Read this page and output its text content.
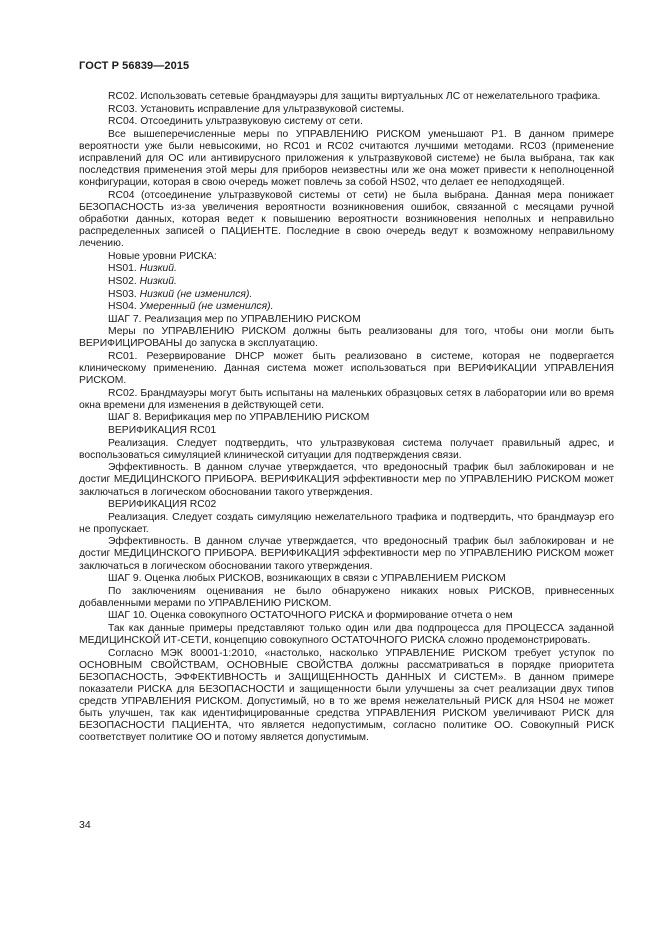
ГОСТ Р 56839—2015

RC02. Использовать сетевые брандмауэры для защиты виртуальных ЛС от нежелательного трафика.

RC03. Установить исправление для ультразвуковой системы.

RC04. Отсоединить ультразвуковую систему от сети.

Все вышеперечисленные меры по УПРАВЛЕНИЮ РИСКОМ уменьшают Р1. В данном примере вероятности уже были невысокими, но RC01 и RC02 считаются лучшими методами. RC03 (применение исправлений для ОС или антивирусного приложения к ультразвуковой системе) не была выбрана, так как последствия применения этой меры для приборов неизвестны или же она может привести к неполноценной конфигурации, которая в свою очередь может повлечь за собой HS02, что делает ее неподходящей.

RC04 (отсоединение ультразвуковой системы от сети) не была выбрана. Данная мера понижает БЕЗОПАСНОСТЬ из-за увеличения вероятности возникновения ошибок, связанной с месяцами ручной обработки данных, которая ведет к повышению вероятности возникновения неполных и неправильно распределенных записей о ПАЦИЕНТЕ. Последние в свою очередь ведут к возможному неправильному лечению.

Новые уровни РИСКА:

HS01. Низкий.

HS02. Низкий.

HS03. Низкий (не изменился).

HS04. Умеренный (не изменился).

ШАГ 7. Реализация мер по УПРАВЛЕНИЮ РИСКОМ

Меры по УПРАВЛЕНИЮ РИСКОМ должны быть реализованы для того, чтобы они могли быть ВЕРИФИЦИРОВАНЫ до запуска в эксплуатацию.

RC01. Резервирование DHCP может быть реализовано в системе, которая не подвергается клиническому применению. Данная система может использоваться при ВЕРИФИКАЦИИ УПРАВЛЕНИЯ РИСКОМ.

RC02. Брандмауэры могут быть испытаны на маленьких образцовых сетях в лаборатории или во время окна времени для изменения в действующей сети.

ШАГ 8. Верификация мер по УПРАВЛЕНИЮ РИСКОМ

ВЕРИФИКАЦИЯ RC01

Реализация. Следует подтвердить, что ультразвуковая система получает правильный адрес, и воспользоваться симуляцией клинической ситуации для подтверждения связи.

Эффективность. В данном случае утверждается, что вредоносный трафик был заблокирован и не достиг МЕДИЦИНСКОГО ПРИБОРА. ВЕРИФИКАЦИЯ эффективности мер по УПРАВЛЕНИЮ РИСКОМ может заключаться в логическом обосновании такого утверждения.

ВЕРИФИКАЦИЯ RC02

Реализация. Следует создать симуляцию нежелательного трафика и подтвердить, что брандмауэр его не пропускает.

Эффективность. В данном случае утверждается, что вредоносный трафик был заблокирован и не достиг МЕДИЦИНСКОГО ПРИБОРА. ВЕРИФИКАЦИЯ эффективности мер по УПРАВЛЕНИЮ РИСКОМ может заключаться в логическом обосновании такого утверждения.

ШАГ 9. Оценка любых РИСКОВ, возникающих в связи с УПРАВЛЕНИЕМ РИСКОМ

По заключениям оценивания не было обнаружено никаких новых РИСКОВ, привнесенных добавленными мерами по УПРАВЛЕНИЮ РИСКОМ.

ШАГ 10. Оценка совокупного ОСТАТОЧНОГО РИСКА и формирование отчета о нем

Так как данные примеры представляют только один или два подпроцесса для ПРОЦЕССА заданной МЕДИЦИНСКОЙ ИТ-СЕТИ, концепцию совокупного ОСТАТОЧНОГО РИСКА сложно продемонстрировать.

Согласно МЭК 80001-1:2010, «настолько, насколько УПРАВЛЕНИЕ РИСКОМ требует уступок по ОСНОВНЫМ СВОЙСТВАМ, ОСНОВНЫЕ СВОЙСТВА должны рассматриваться в порядке приоритета БЕЗОПАСНОСТЬ, ЭФФЕКТИВНОСТЬ и ЗАЩИЩЕННОСТЬ ДАННЫХ И СИСТЕМ». В данном примере показатели РИСКА для БЕЗОПАСНОСТИ и защищенности были улучшены за счет реализации двух типов средств УПРАВЛЕНИЯ РИСКОМ. Допустимый, но в то же время нежелательный РИСК для HS04 не может быть улучшен, так как идентифицированные средства УПРАВЛЕНИЯ РИСКОМ увеличивают РИСК для БЕЗОПАСНОСТИ ПАЦИЕНТА, что является недопустимым, согласно политике ОО. Совокупный РИСК соответствует политике ОО и потому является допустимым.

34
